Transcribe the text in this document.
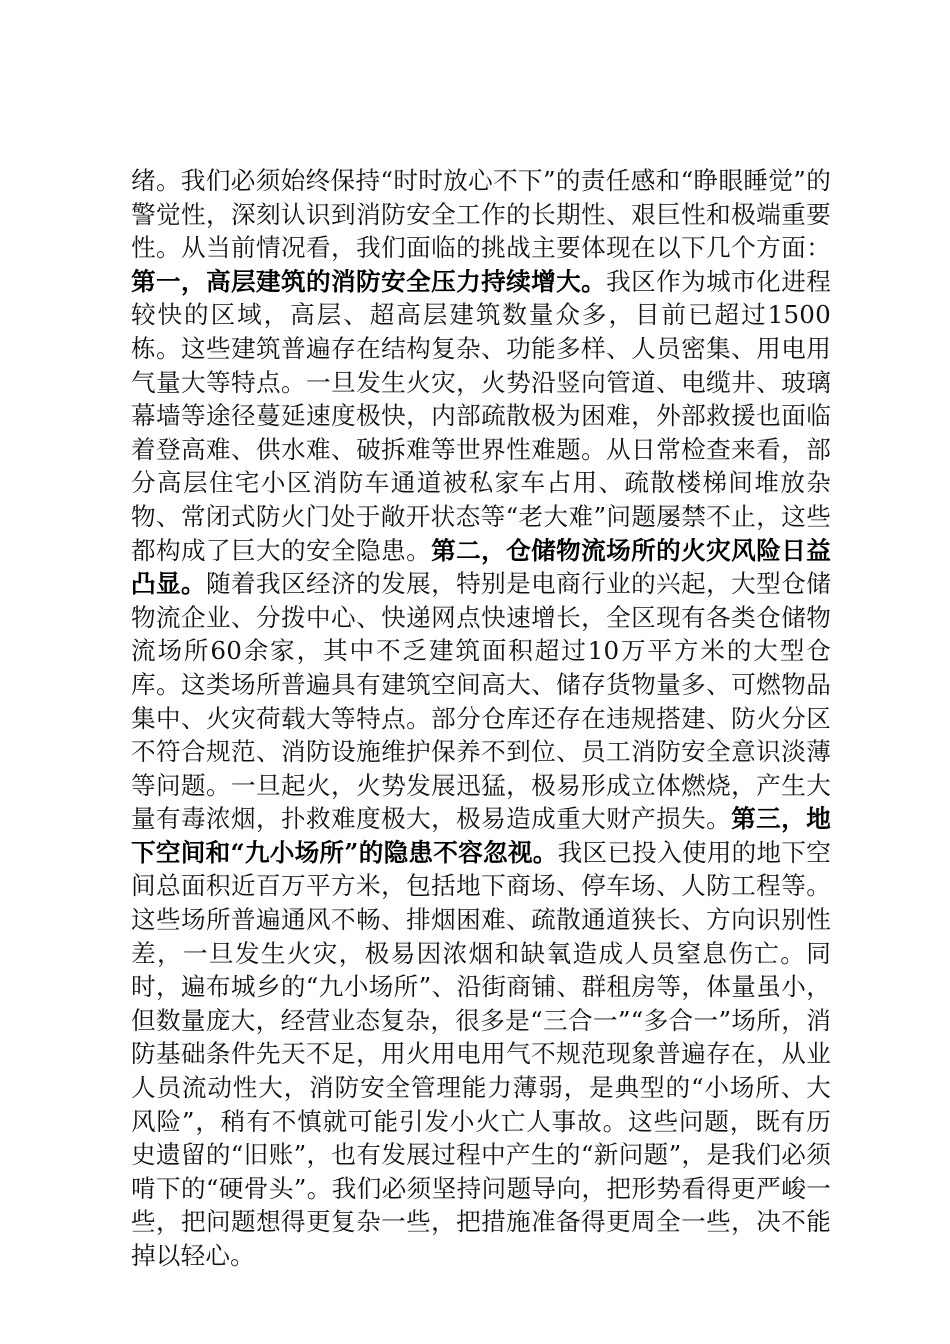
绪。我们必须始终保持“时时放心不下”的责任感和“睁眼睡觉”的警觉性，深刻认识到消防安全工作的长期性、艰巨性和极端重要性。从当前情况看，我们面临的挑战主要体现在以下几个方面：第一，高层建筑的消防安全压力持续增大。我区作为城市化进程较快的区域，高层、超高层建筑数量众多，目前已超过1500栋。这些建筑普遍存在结构复杂、功能多样、人员密集、用电用气量大等特点。一旦发生火灾，火势沿竖向管道、电缆井、玻璃幕墙等途径蔓延速度极快，内部疏散极为困难，外部救援也面临着登高难、供水难、破拆难等世界性难题。从日常检查来看，部分高层住宅小区消防车通道被私家车占用、疏散楼梯间堆放杂物、常闭式防火门处于敞开状态等“老大难”问题屡禁不止，这些都构成了巨大的安全隐患。第二，仓储物流场所的火灾风险日益凸显。随着我区经济的发展，特别是电商行业的兴起，大型仓储物流企业、分拨中心、快递网点快速增长，全区现有各类仓储物流场所60余家，其中不乏建筑面积超过10万平方米的大型仓库。这类场所普遍具有建筑空间高大、储存货物量多、可燃物品集中、火灾荷载大等特点。部分仓库还存在违规搭建、防火分区不符合规范、消防设施维护保养不到位、员工消防安全意识淡薄等问题。一旦起火，火势发展迅猛，极易形成立体燃烧，产生大量有毒浓烟，扑救难度极大，极易造成重大财产损失。第三，地下空间和“九小场所”的隐患不容忽视。我区已投入使用的地下空间总面积近百万平方米，包括地下商场、停车场、人防工程等。这些场所普遍通风不畅、排烟困难、疏散通道狭长、方向识别性差，一旦发生火灾，极易因浓烟和缺氧造成人员窒息伤亡。同时，遍布城乡的“九小场所”、沿街商铺、群租房等，体量虽小，但数量庞大，经营业态复杂，很多是“三合一”“多合一”场所，消防基础条件先天不足，用火用电用气不规范现象普遍存在，从业人员流动性大，消防安全管理能力薄弱，是典型的“小场所、大风险”，稍有不慎就可能引发小火亡人事故。这些问题，既有历史遗留的“旧账”，也有发展过程中产生的“新问题”，是我们必须啃下的“硬骨头”。我们必须坚持问题导向，把形势看得更严峻一些，把问题想得更复杂一些，把措施准备得更周全一些，决不能掉以轻心。
